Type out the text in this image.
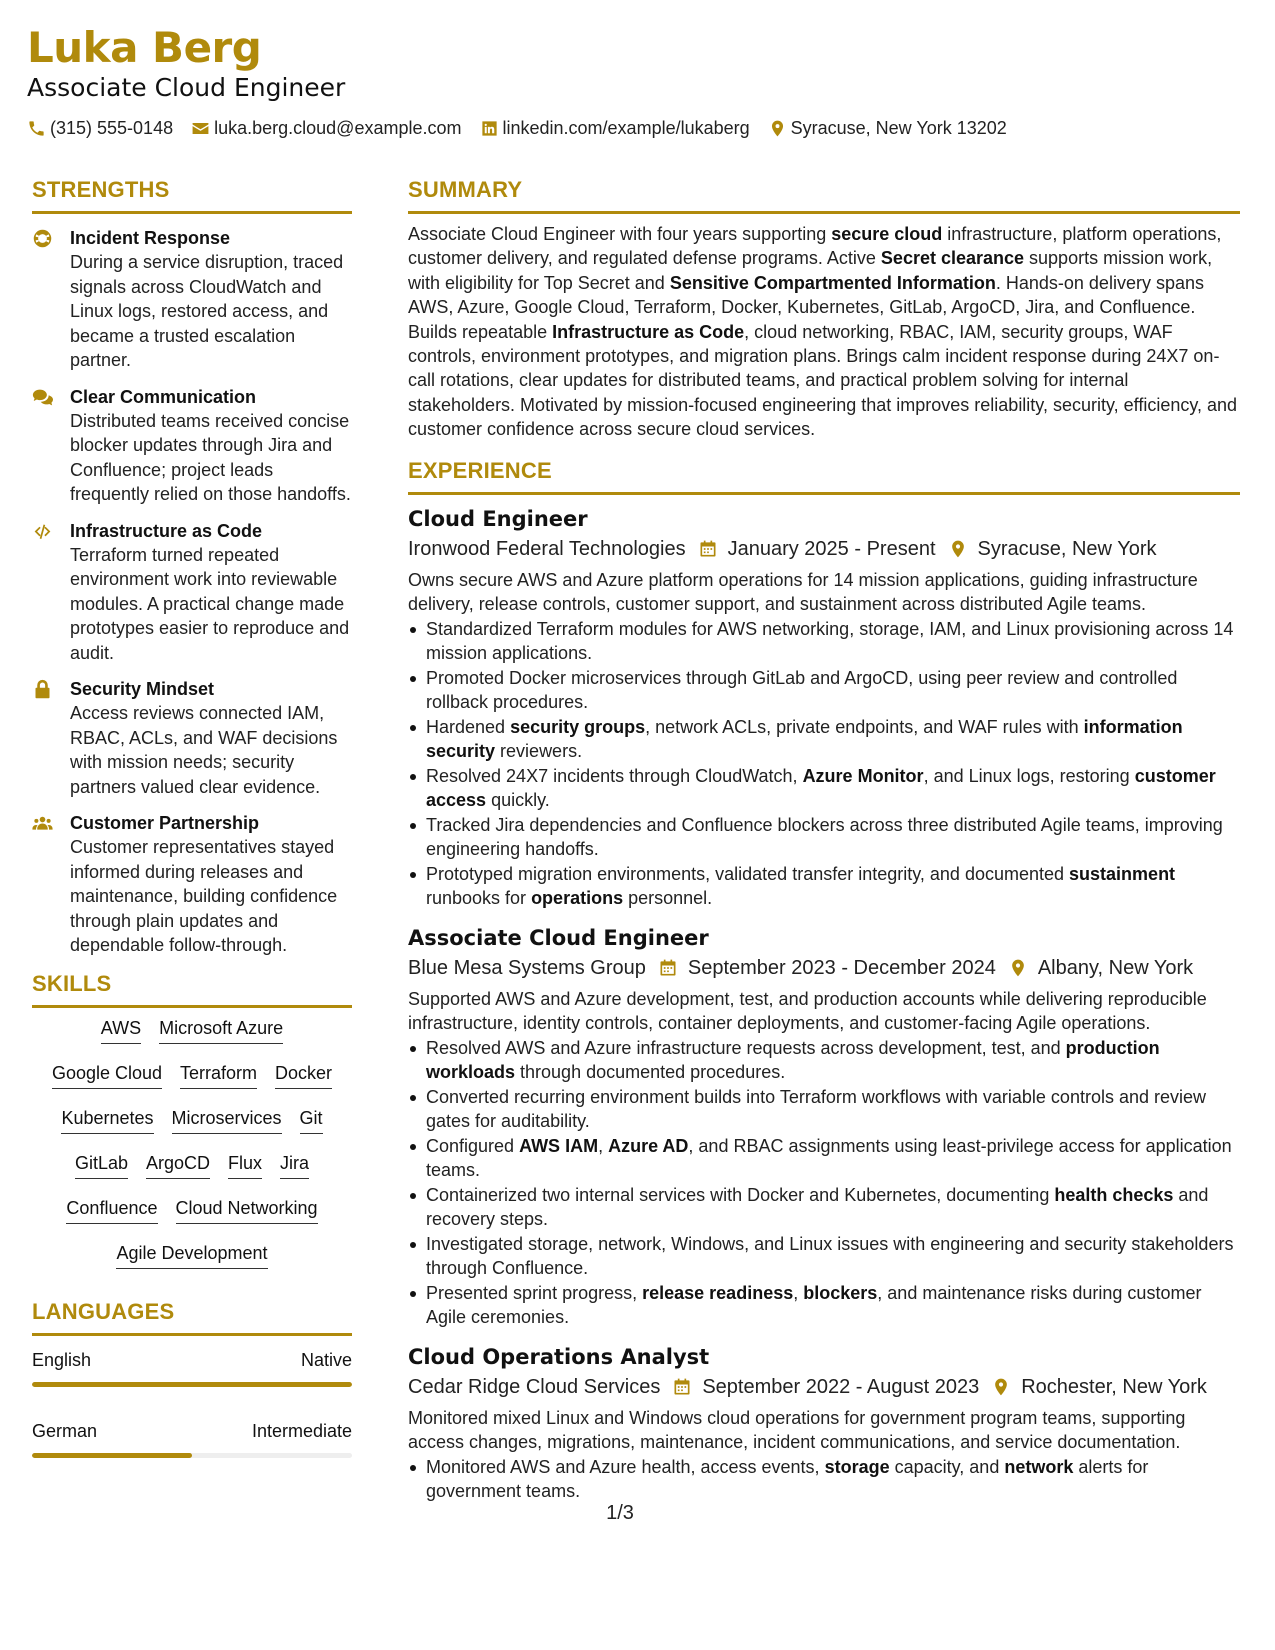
Luka Berg
Associate Cloud Engineer
(315) 555-0148 luka.berg.cloud@example.com linkedin.com/example/lukaberg Syracuse, New York 13202
STRENGTHS
Incident Response
During a service disruption, traced signals across CloudWatch and Linux logs, restored access, and became a trusted escalation partner.
Clear Communication
Distributed teams received concise blocker updates through Jira and Confluence; project leads frequently relied on those handoffs.
Infrastructure as Code
Terraform turned repeated environment work into reviewable modules. A practical change made prototypes easier to reproduce and audit.
Security Mindset
Access reviews connected IAM, RBAC, ACLs, and WAF decisions with mission needs; security partners valued clear evidence.
Customer Partnership
Customer representatives stayed informed during releases and maintenance, building confidence through plain updates and dependable follow-through.
SKILLS
AWS Microsoft Azure
Google Cloud Terraform Docker
Kubernetes Microservices Git
GitLab ArgoCD Flux Jira
Confluence Cloud Networking
Agile Development
LANGUAGES
English	Native
German	Intermediate
SUMMARY
Associate Cloud Engineer with four years supporting secure cloud infrastructure, platform operations, customer delivery, and regulated defense programs. Active Secret clearance supports mission work, with eligibility for Top Secret and Sensitive Compartmented Information. Hands-on delivery spans AWS, Azure, Google Cloud, Terraform, Docker, Kubernetes, GitLab, ArgoCD, Jira, and Confluence. Builds repeatable Infrastructure as Code, cloud networking, RBAC, IAM, security groups, WAF controls, environment prototypes, and migration plans. Brings calm incident response during 24X7 on-call rotations, clear updates for distributed teams, and practical problem solving for internal stakeholders. Motivated by mission-focused engineering that improves reliability, security, efficiency, and customer confidence across secure cloud services.
EXPERIENCE
Cloud Engineer
Ironwood Federal Technologies January 2025 - Present Syracuse, New York
Owns secure AWS and Azure platform operations for 14 mission applications, guiding infrastructure delivery, release controls, customer support, and sustainment across distributed Agile teams.
Standardized Terraform modules for AWS networking, storage, IAM, and Linux provisioning across 14 mission applications.
Promoted Docker microservices through GitLab and ArgoCD, using peer review and controlled rollback procedures.
Hardened security groups, network ACLs, private endpoints, and WAF rules with information security reviewers.
Resolved 24X7 incidents through CloudWatch, Azure Monitor, and Linux logs, restoring customer access quickly.
Tracked Jira dependencies and Confluence blockers across three distributed Agile teams, improving engineering handoffs.
Prototyped migration environments, validated transfer integrity, and documented sustainment runbooks for operations personnel.
Associate Cloud Engineer
Blue Mesa Systems Group September 2023 - December 2024 Albany, New York
Supported AWS and Azure development, test, and production accounts while delivering reproducible infrastructure, identity controls, container deployments, and customer-facing Agile operations.
Resolved AWS and Azure infrastructure requests across development, test, and production workloads through documented procedures.
Converted recurring environment builds into Terraform workflows with variable controls and review gates for auditability.
Configured AWS IAM, Azure AD, and RBAC assignments using least-privilege access for application teams.
Containerized two internal services with Docker and Kubernetes, documenting health checks and recovery steps.
Investigated storage, network, Windows, and Linux issues with engineering and security stakeholders through Confluence.
Presented sprint progress, release readiness, blockers, and maintenance risks during customer Agile ceremonies.
Cloud Operations Analyst
Cedar Ridge Cloud Services September 2022 - August 2023 Rochester, New York
Monitored mixed Linux and Windows cloud operations for government program teams, supporting access changes, migrations, maintenance, incident communications, and service documentation.
Monitored AWS and Azure health, access events, storage capacity, and network alerts for government teams.
1/3
